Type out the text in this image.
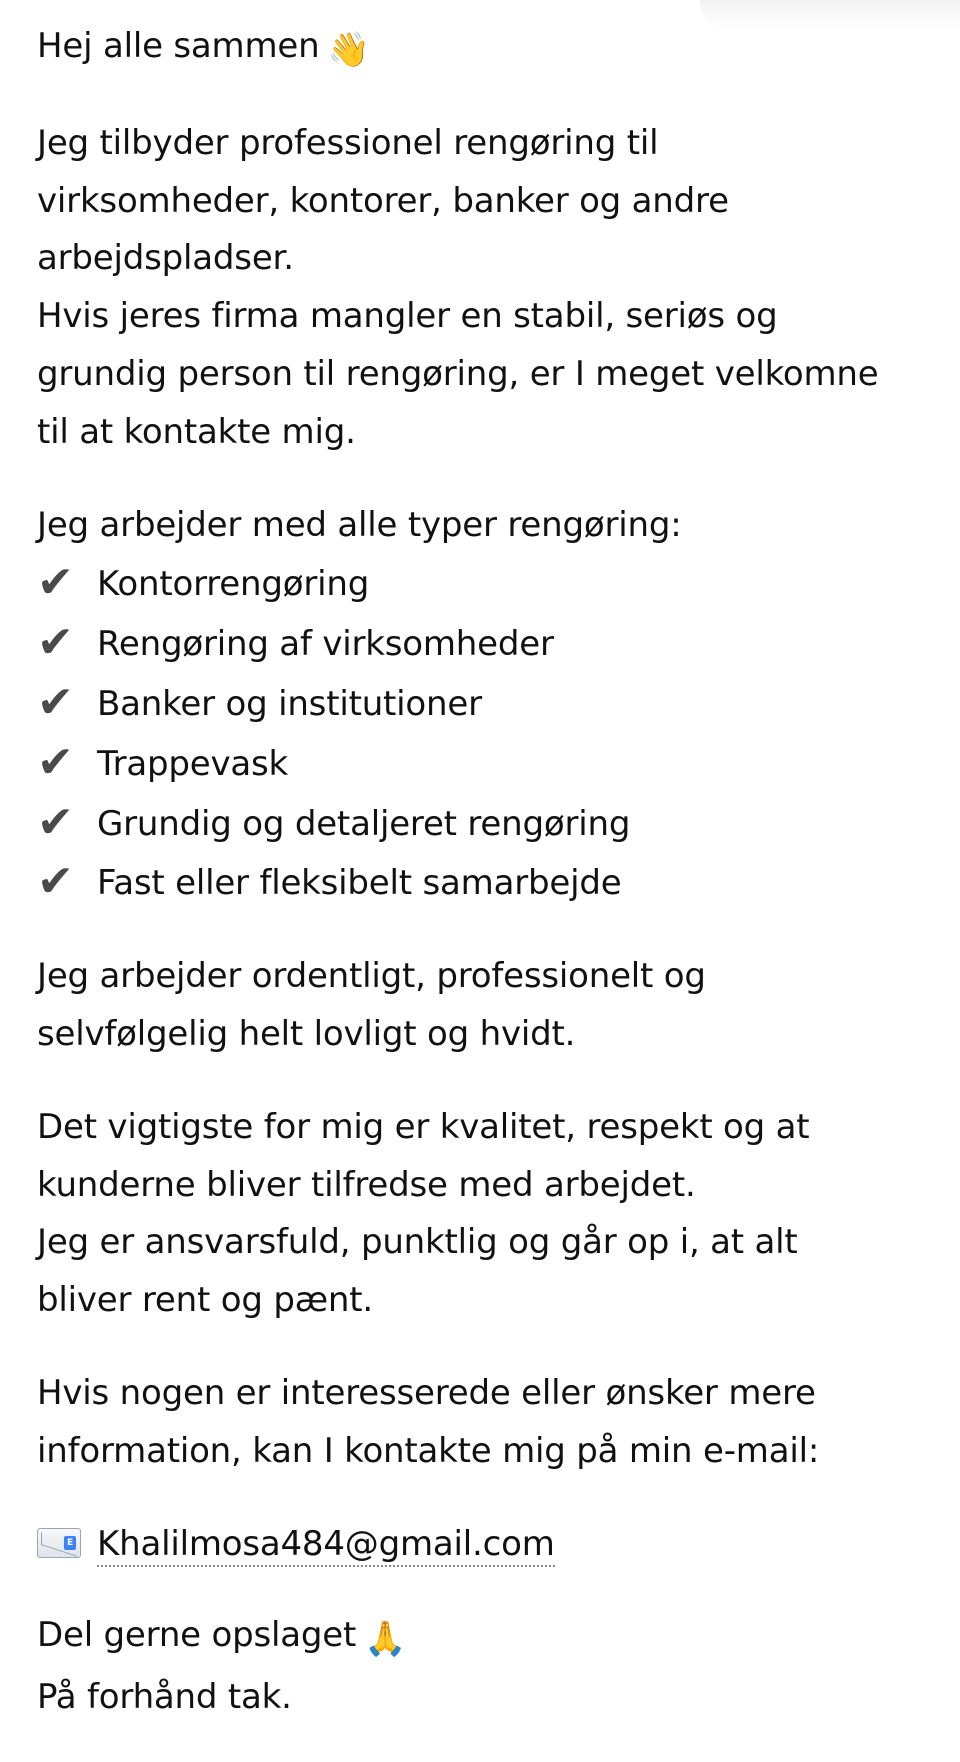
Hej alle sammen 👋
Jeg tilbyder professionel rengøring til
virksomheder, kontorer, banker og andre
arbejdspladser.
Hvis jeres firma mangler en stabil, seriøs og
grundig person til rengøring, er I meget velkomne
til at kontakte mig.
Jeg arbejder med alle typer rengøring:
✔ Kontorrengøring
✔ Rengøring af virksomheder
✔ Banker og institutioner
✔ Trappevask
✔ Grundig og detaljeret rengøring
✔ Fast eller fleksibelt samarbejde
Jeg arbejder ordentligt, professionelt og
selvfølgelig helt lovligt og hvidt.
Det vigtigste for mig er kvalitet, respekt og at
kunderne bliver tilfredse med arbejdet.
Jeg er ansvarsfuld, punktlig og går op i, at alt
bliver rent og pænt.
Hvis nogen er interesserede eller ønsker mere
information, kan I kontakte mig på min e-mail:
E Khalilmosa484@gmail.com
Del gerne opslaget 🙏
På forhånd tak.
